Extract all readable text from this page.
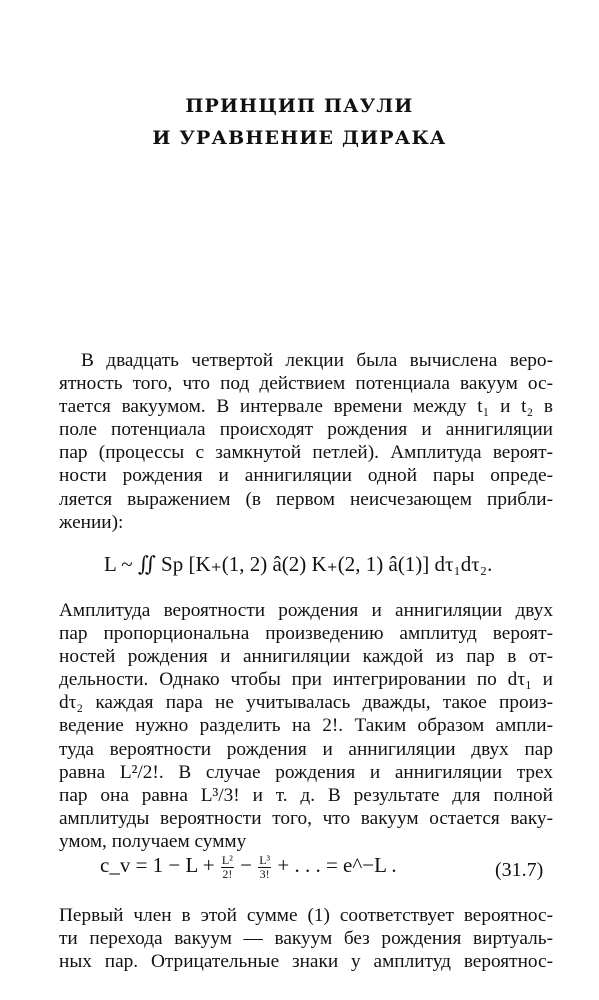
ПРИНЦИП ПАУЛИ
И УРАВНЕНИЕ ДИРАКА

В двадцать четвертой лекции была вычислена веро-
ятность того, что под действием потенциала вакуум ос-
тается вакуумом. В интервале времени между t₁ и t₂ в
поле потенциала происходят рождения и аннигиляции
пар (процессы с замкнутой петлей). Амплитуда вероят-
ности рождения и аннигиляции одной пары опреде-
ляется выражением (в первом неисчезающем прибли-
жении):

L ~ ∬ Sp [K₊(1, 2) â(2) K₊(2, 1) â(1)] dτ₁dτ₂.

Амплитуда вероятности рождения и аннигиляции двух
пар пропорциональна произведению амплитуд вероят-
ностей рождения и аннигиляции каждой из пар в от-
дельности. Однако чтобы при интегрировании по dτ₁ и
dτ₂ каждая пара не учитывалась дважды, такое произ-
ведение нужно разделить на 2!. Таким образом ампли-
туда вероятности рождения и аннигиляции двух пар
равна L²/2!. В случае рождения и аннигиляции трех
пар она равна L³/3! и т. д. В результате для полной
амплитуды вероятности того, что вакуум остается ваку-
умом, получаем сумму

c_v = $1 - L + \frac{\text{L²}}{2!} - \frac{\text{L³}}{3!}$ + . . . = e^−L .	(31.7)

Первый член в этой сумме (1) соответствует вероятнос-
ти перехода вакуум — вакуум без рождения виртуаль-
ных пар. Отрицательные знаки у амплитуд вероятнос-
